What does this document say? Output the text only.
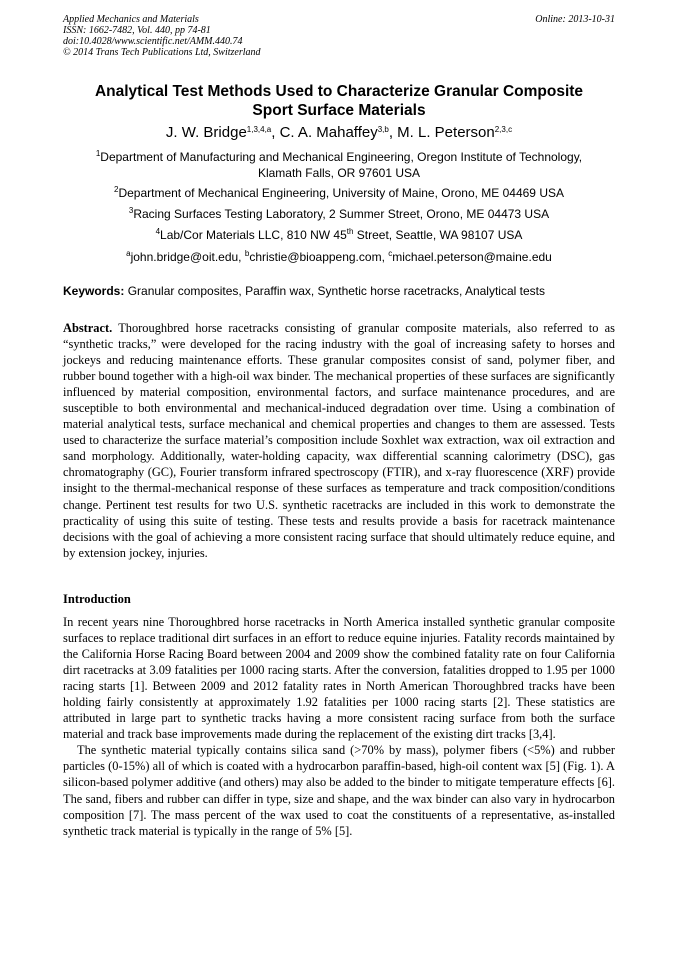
Applied Mechanics and Materials
ISSN: 1662-7482, Vol. 440, pp 74-81
doi:10.4028/www.scientific.net/AMM.440.74
© 2014 Trans Tech Publications Ltd, Switzerland
Online: 2013-10-31
Analytical Test Methods Used to Characterize Granular Composite
Sport Surface Materials
J. W. Bridge$^{1,3,4,a}$, C. A. Mahaffey$^{3,b}$, M. L. Peterson$^{2,3,c}$
$^1$Department of Manufacturing and Mechanical Engineering, Oregon Institute of Technology,
Klamath Falls, OR 97601 USA
$^2$Department of Mechanical Engineering, University of Maine, Orono, ME 04469 USA
$^3$Racing Surfaces Testing Laboratory, 2 Summer Street, Orono, ME 04473 USA
$^4$Lab/Cor Materials LLC, 810 NW 45th Street, Seattle, WA 98107 USA
$^a$john.bridge@oit.edu, $^b$christie@bioappeng.com, $^c$michael.peterson@maine.edu
Keywords: Granular composites, Paraffin wax, Synthetic horse racetracks, Analytical tests
Abstract. Thoroughbred horse racetracks consisting of granular composite materials, also referred to as “synthetic tracks,” were developed for the racing industry with the goal of increasing safety to horses and jockeys and reducing maintenance efforts. These granular composites consist of sand, polymer fiber, and rubber bound together with a high-oil wax binder. The mechanical properties of these surfaces are significantly influenced by material composition, environmental factors, and surface maintenance procedures, and are susceptible to both environmental and mechanical-induced degradation over time. Using a combination of material analytical tests, surface mechanical and chemical properties and changes to them are assessed. Tests used to characterize the surface material’s composition include Soxhlet wax extraction, wax oil extraction and sand morphology. Additionally, water-holding capacity, wax differential scanning calorimetry (DSC), gas chromatography (GC), Fourier transform infrared spectroscopy (FTIR), and x-ray fluorescence (XRF) provide insight to the thermal-mechanical response of these surfaces as temperature and track composition/conditions change. Pertinent test results for two U.S. synthetic racetracks are included in this work to demonstrate the practicality of using this suite of testing. These tests and results provide a basis for racetrack maintenance decisions with the goal of achieving a more consistent racing surface that should ultimately reduce equine, and by extension jockey, injuries.
Introduction

In recent years nine Thoroughbred horse racetracks in North America installed synthetic granular composite surfaces to replace traditional dirt surfaces in an effort to reduce equine injuries. Fatality records maintained by the California Horse Racing Board between 2004 and 2009 show the combined fatality rate on four California dirt racetracks at 3.09 fatalities per 1000 racing starts. After the conversion, fatalities dropped to 1.95 per 1000 racing starts [1]. Between 2009 and 2012 fatality rates in North American Thoroughbred tracks have been holding fairly consistently at approximately 1.92 fatalities per 1000 racing starts [2]. These statistics are attributed in large part to synthetic tracks having a more consistent racing surface from both the surface material and track base improvements made during the replacement of the existing dirt tracks [3,4].

The synthetic material typically contains silica sand (>70% by mass), polymer fibers (<5%) and rubber particles (0-15%) all of which is coated with a hydrocarbon paraffin-based, high-oil content wax [5] (Fig. 1). A silicon-based polymer additive (and others) may also be added to the binder to mitigate temperature effects [6]. The sand, fibers and rubber can differ in type, size and shape, and the wax binder can also vary in hydrocarbon composition [7]. The mass percent of the wax used to coat the constituents of a representative, as-installed synthetic track material is typically in the range of 5% [5].
